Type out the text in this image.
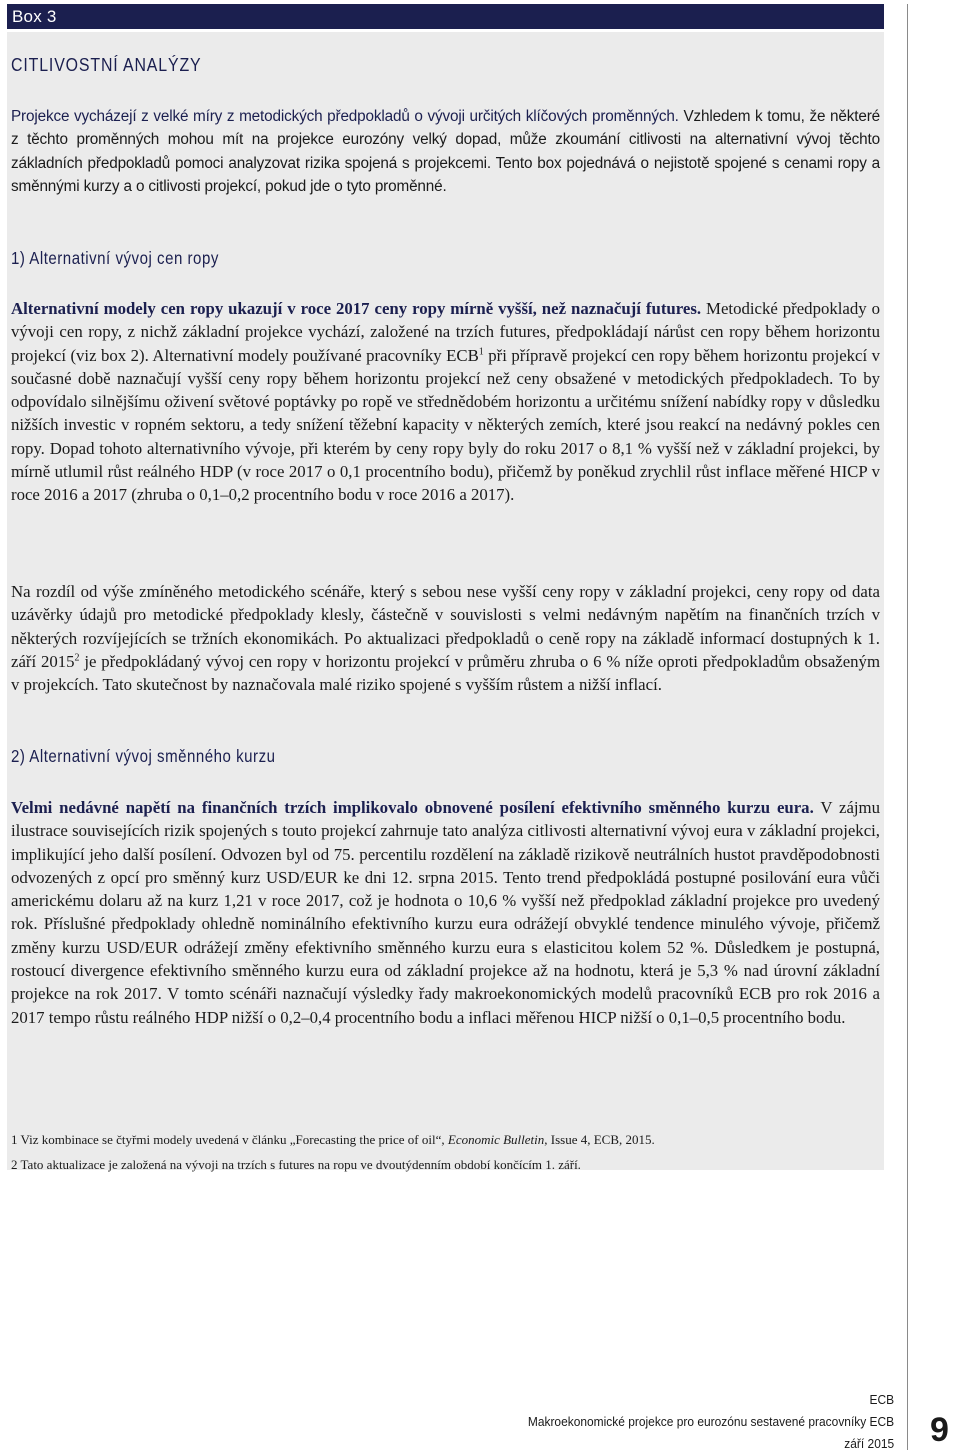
Box 3
CITLIVOSTNÍ ANALÝZY

Projekce vycházejí z velké míry z metodických předpokladů o vývoji určitých klíčových proměnných. Vzhledem k tomu, že některé z těchto proměnných mohou mít na projekce eurozóny velký dopad, může zkoumání citlivosti na alternativní vývoj těchto základních předpokladů pomoci analyzovat rizika spojená s projekcemi. Tento box pojednává o nejistotě spojené s cenami ropy a směnnými kurzy a o citlivosti projekcí, pokud jde o tyto proměnné.

1) Alternativní vývoj cen ropy

Alternativní modely cen ropy ukazují v roce 2017 ceny ropy mírně vyšší, než naznačují futures. Metodické předpoklady o vývoji cen ropy, z nichž základní projekce vychází, založené na trzích futures, předpokládají nárůst cen ropy během horizontu projekcí (viz box 2). Alternativní modely používané pracovníky ECB$^1$ při přípravě projekcí cen ropy během horizontu projekcí v současné době naznačují vyšší ceny ropy během horizontu projekcí než ceny obsažené v metodických předpokladech. To by odpovídalo silnějšímu oživení světové poptávky po ropě ve střednědobém horizontu a určitému snížení nabídky ropy v důsledku nižších investic v ropném sektoru, a tedy snížení těžební kapacity v některých zemích, které jsou reakcí na nedávný pokles cen ropy. Dopad tohoto alternativního vývoje, při kterém by ceny ropy byly do roku 2017 o 8,1 % vyšší než v základní projekci, by mírně utlumil růst reálného HDP (v roce 2017 o 0,1 procentního bodu), přičemž by poněkud zrychlil růst inflace měřené HICP v roce 2016 a 2017 (zhruba o 0,1–0,2 procentního bodu v roce 2016 a 2017).

Na rozdíl od výše zmíněného metodického scénáře, který s sebou nese vyšší ceny ropy v základní projekci, ceny ropy od data uzávěrky údajů pro metodické předpoklady klesly, částečně v souvislosti s velmi nedávným napětím na finančních trzích v některých rozvíjejících se tržních ekonomikách. Po aktualizaci předpokladů o ceně ropy na základě informací dostupných k 1. září 2015$^2$ je předpokládaný vývoj cen ropy v horizontu projekcí v průměru zhruba o 6 % níže oproti předpokladům obsaženým v projekcích. Tato skutečnost by naznačovala malé riziko spojené s vyšším růstem a nižší inflací.

2) Alternativní vývoj směnného kurzu

Velmi nedávné napětí na finančních trzích implikovalo obnovené posílení efektivního směnného kurzu eura. V zájmu ilustrace souvisejících rizik spojených s touto projekcí zahrnuje tato analýza citlivosti alternativní vývoj eura v základní projekci, implikující jeho další posílení. Odvozen byl od 75. percentilu rozdělení na základě rizikově neutrálních hustot pravděpodobnosti odvozených z opcí pro směnný kurz USD/EUR ke dni 12. srpna 2015. Tento trend předpokládá postupné posilování eura vůči americkému dolaru až na kurz 1,21 v roce 2017, což je hodnota o 10,6 % vyšší než předpoklad základní projekce pro uvedený rok. Příslušné předpoklady ohledně nominálního efektivního kurzu eura odrážejí obvyklé tendence minulého vývoje, přičemž změny kurzu USD/EUR odrážejí změny efektivního směnného kurzu eura s elasticitou kolem 52 %. Důsledkem je postupná, rostoucí divergence efektivního směnného kurzu eura od základní projekce až na hodnotu, která je 5,3 % nad úrovní základní projekce na rok 2017. V tomto scénáři naznačují výsledky řady makroekonomických modelů pracovníků ECB pro rok 2016 a 2017 tempo růstu reálného HDP nižší o 0,2–0,4 procentního bodu a inflaci měřenou HICP nižší o 0,1–0,5 procentního bodu.

1 Viz kombinace se čtyřmi modely uvedená v článku „Forecasting the price of oil“, Economic Bulletin, Issue 4, ECB, 2015.
2 Tato aktualizace je založená na vývoji na trzích s futures na ropu ve dvoutýdenním období končícím 1. září.
ECB
Makroekonomické projekce pro eurozónu sestavené pracovníky ECB
září 2015 9
